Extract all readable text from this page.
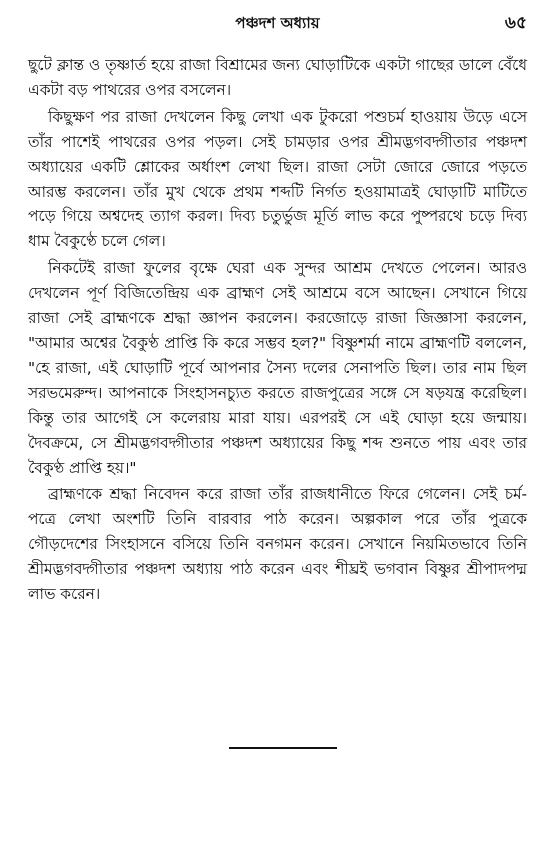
পঞ্চদশ অধ্যায়	৬৫

ছুটে ক্লান্ত ও তৃষ্ণার্ত হয়ে রাজা বিশ্রামের জন্য ঘোড়াটিকে একটা গাছের ডালে বেঁধে একটা বড় পাথরের ওপর বসলেন।

কিছুক্ষণ পর রাজা দেখলেন কিছু লেখা এক টুকরো পশুচর্ম হাওয়ায় উড়ে এসে তাঁর পাশেই পাথরের ওপর পড়ল। সেই চামড়ার ওপর শ্রীমদ্ভগবদ্গীতার পঞ্চদশ অধ্যায়ের একটি শ্লোকের অর্ধাংশ লেখা ছিল। রাজা সেটা জোরে জোরে পড়তে আরম্ভ করলেন। তাঁর মুখ থেকে প্রথম শব্দটি নির্গত হওয়ামাত্রই ঘোড়াটি মাটিতে পড়ে গিয়ে অশ্বদেহ ত্যাগ করল। দিব্য চতুর্ভুজ মূর্তি লাভ করে পুষ্পরথে চড়ে দিব্য ধাম বৈকুণ্ঠে চলে গেল।

নিকটেই রাজা ফুলের বৃক্ষে ঘেরা এক সুন্দর আশ্রম দেখতে পেলেন। আরও দেখলেন পূর্ণ বিজিতেন্দ্রিয় এক ব্রাহ্মণ সেই আশ্রমে বসে আছেন। সেখানে গিয়ে রাজা সেই ব্রাহ্মণকে শ্রদ্ধা জ্ঞাপন করলেন। করজোড়ে রাজা জিজ্ঞাসা করলেন, "আমার অশ্বের বৈকুণ্ঠ প্রাপ্তি কি করে সম্ভব হল?" বিষ্ণুশর্মা নামে ব্রাহ্মণটি বললেন, "হে রাজা, এই ঘোড়াটি পূর্বে আপনার সৈন্য দলের সেনাপতি ছিল। তার নাম ছিল সরভমেরুন্দ। আপনাকে সিংহাসনচ্যুত করতে রাজপুত্রের সঙ্গে সে ষড়যন্ত্র করেছিল। কিন্তু তার আগেই সে কলেরায় মারা যায়। এরপরই সে এই ঘোড়া হয়ে জন্মায়। দৈবক্রমে, সে শ্রীমদ্ভগবদ্গীতার পঞ্চদশ অধ্যায়ের কিছু শব্দ শুনতে পায় এবং তার বৈকুণ্ঠ প্রাপ্তি হয়।"

ব্রাহ্মণকে শ্রদ্ধা নিবেদন করে রাজা তাঁর রাজধানীতে ফিরে গেলেন। সেই চর্ম-পত্রে লেখা অংশটি তিনি বারবার পাঠ করেন। অল্পকাল পরে তাঁর পুত্রকে গৌড়দেশের সিংহাসনে বসিয়ে তিনি বনগমন করেন। সেখানে নিয়মিতভাবে তিনি শ্রীমদ্ভগবদ্গীতার পঞ্চদশ অধ্যায় পাঠ করেন এবং শীঘ্রই ভগবান বিষ্ণুর শ্রীপাদপদ্ম লাভ করেন।
